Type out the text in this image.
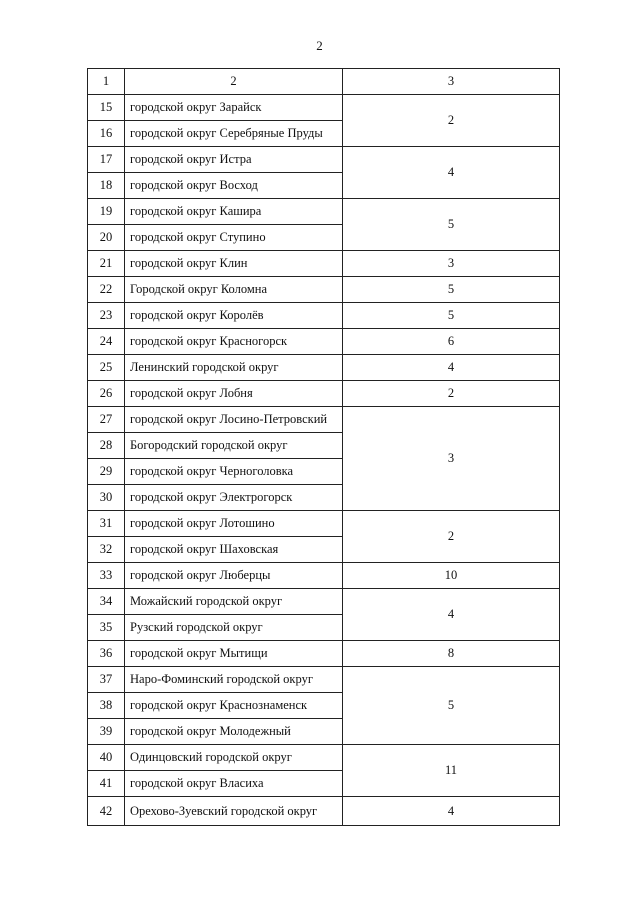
2
1	2	3
15	городской округ Зарайск	2
16	городской округ Серебряные Пруды	
17	городской округ Истра	4
18	городской округ Восход	
19	городской округ Кашира	5
20	городской округ Ступино	
21	городской округ Клин	3
22	Городской округ Коломна	5
23	городской округ Королёв	5
24	городской округ Красногорск	6
25	Ленинский городской округ	4
26	городской округ Лобня	2
27	городской округ Лосино-Петровский	3
28	Богородский городской округ	
29	городской округ Черноголовка	
30	городской округ Электрогорск	
31	городской округ Лотошино	2
32	городской округ Шаховская	
33	городской округ Люберцы	10
34	Можайский городской округ	4
35	Рузский городской округ	
36	городской округ Мытищи	8
37	Наро-Фоминский городской округ	5
38	городской округ Краснознаменск	
39	городской округ Молодежный	
40	Одинцовский городской округ	11
41	городской округ Власиха	
42	Орехово-Зуевский городской округ	4
